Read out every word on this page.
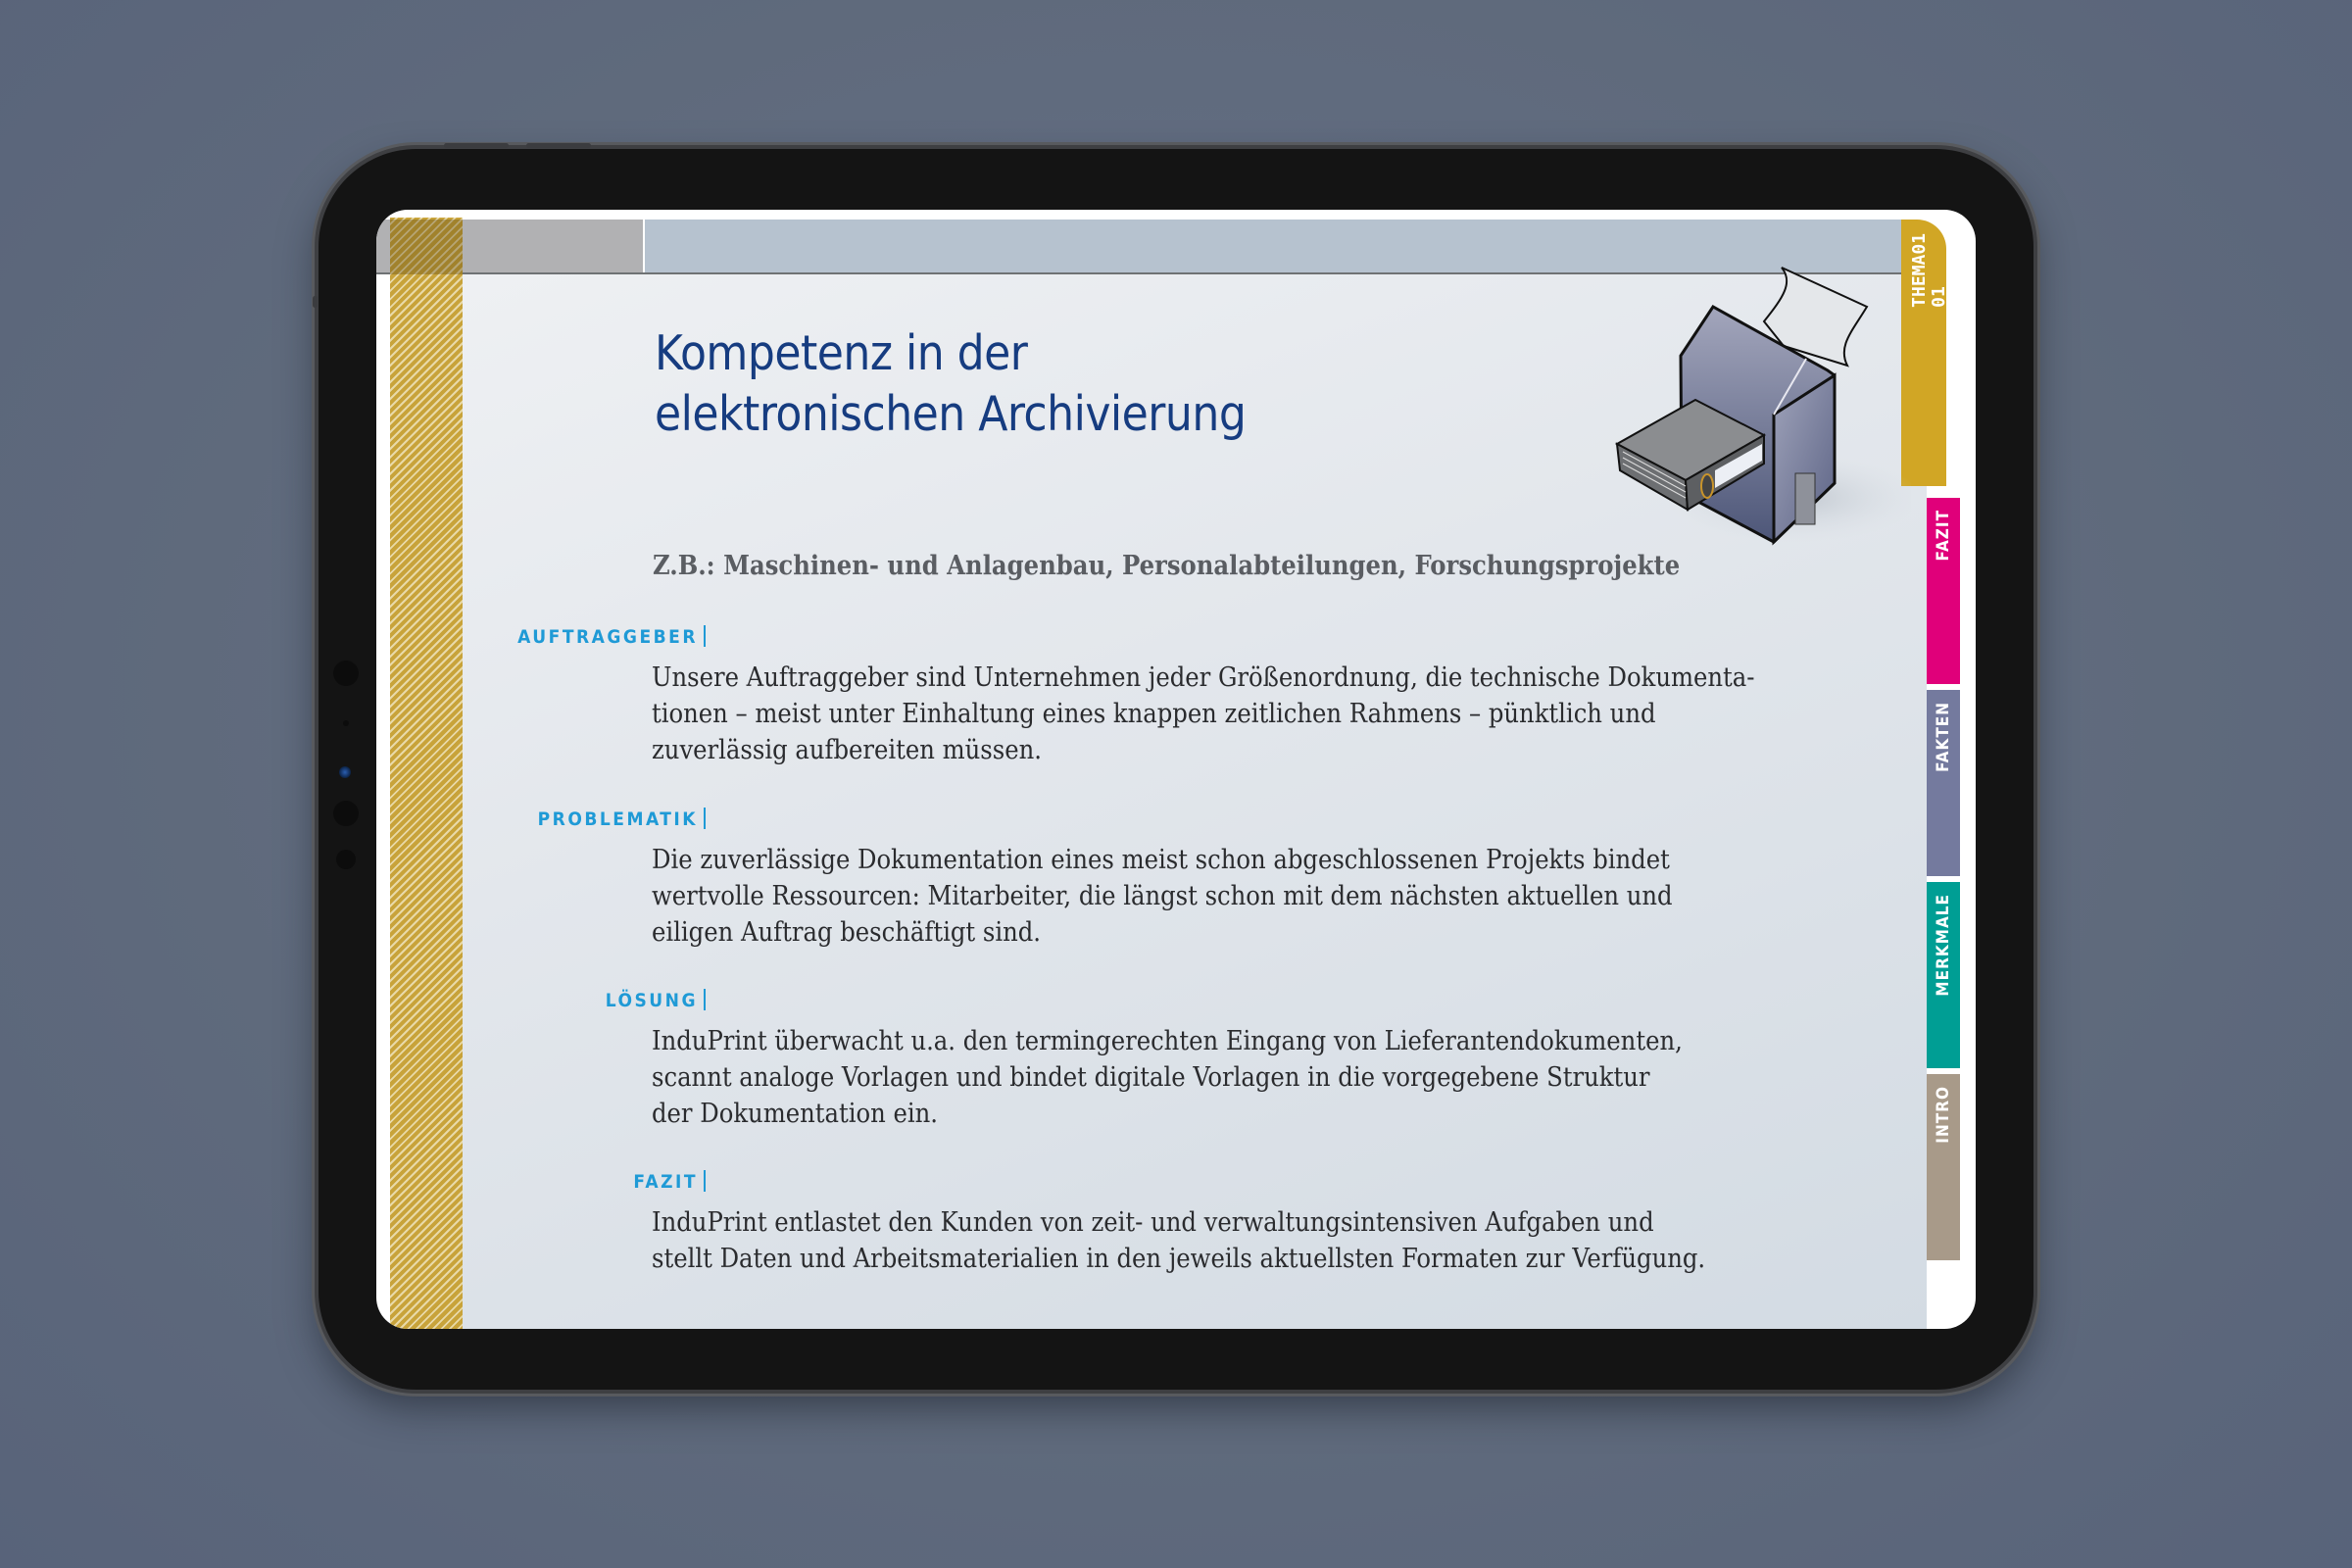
01
THEMA01
FAZIT
FAKTEN
MERKMALE
INTRO
Kompetenz in der
elektronischen Archivierung
Z.B.: Maschinen- und Anlagenbau, Personalabteilungen, Forschungsprojekte
AUFTRAGGEBER
Unsere Auftraggeber sind Unternehmen jeder Größenordnung, die technische Dokumenta-
tionen – meist unter Einhaltung eines knappen zeitlichen Rahmens – pünktlich und
zuverlässig aufbereiten müssen.
PROBLEMATIK
Die zuverlässige Dokumentation eines meist schon abgeschlossenen Projekts bindet
wertvolle Ressourcen: Mitarbeiter, die längst schon mit dem nächsten aktuellen und
eiligen Auftrag beschäftigt sind.
LÖSUNG
InduPrint überwacht u.a. den termingerechten Eingang von Lieferantendokumenten,
scannt analoge Vorlagen und bindet digitale Vorlagen in die vorgegebene Struktur
der Dokumentation ein.
FAZIT
InduPrint entlastet den Kunden von zeit- und verwaltungsintensiven Aufgaben und
stellt Daten und Arbeitsmaterialien in den jeweils aktuellsten Formaten zur Verfügung.
